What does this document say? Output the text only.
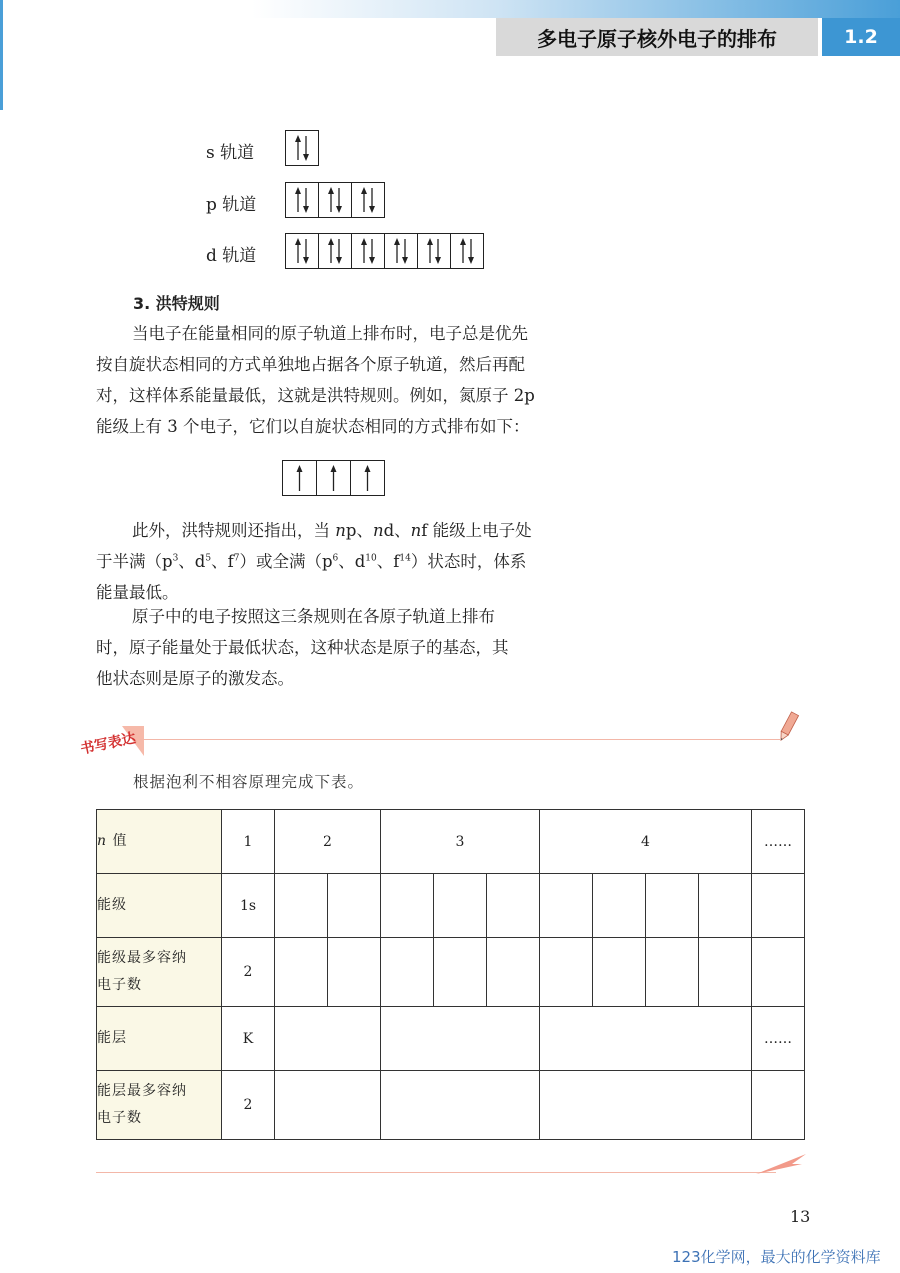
多电子原子核外电子的排布	1.2
s 轨道
p 轨道
d 轨道
3. 洪特规则

当电子在能量相同的原子轨道上排布时，电子总是优先

按自旋状态相同的方式单独地占据各个原子轨道，然后再配

对，这样体系能量最低，这就是洪特规则。例如，氮原子 2p

能级上有 3 个电子，它们以自旋状态相同的方式排布如下：

此外，洪特规则还指出，当 np、nd、nf 能级上电子处

于半满（$p^3$、$d^5$、$f^7$）或全满（$p^6$、$d^{10}$、$f^{14}$）状态时，体系

能量最低。

原子中的电子按照这三条规则在各原子轨道上排布

时，原子能量处于最低状态，这种状态是原子的基态，其

他状态则是原子的激发态。

书写表达
根据泡利不相容原理完成下表。
n 值	1	2		3			4				……
能级	1s										

能级最多容纳
电子数	2										
能层	K										……

能层最多容纳
电子数	2										
13
123化学网，最大的化学资料库
